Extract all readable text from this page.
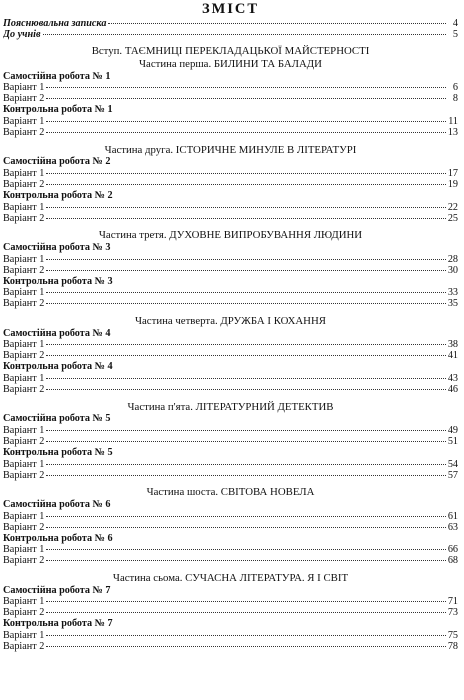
ЗМІСТ
Пояснювальна записка	4
До учнів	5
Вступ. ТАЄМНИЦІ ПЕРЕКЛАДАЦЬКОЇ МАЙСТЕРНОСТІ
Частина перша. БИЛИНИ ТА БАЛАДИ
Самостійна робота № 1
Варіант 1	6
Варіант 2	8
Контрольна робота № 1
Варіант 1	11
Варіант 2	13
Частина друга. ІСТОРИЧНЕ МИНУЛЕ В ЛІТЕРАТУРІ
Самостійна робота № 2
Варіант 1	17
Варіант 2	19
Контрольна робота № 2
Варіант 1	22
Варіант 2	25
Частина третя. ДУХОВНЕ ВИПРОБУВАННЯ ЛЮДИНИ
Самостійна робота № 3
Варіант 1	28
Варіант 2	30
Контрольна робота № 3
Варіант 1	33
Варіант 2	35
Частина четверта. ДРУЖБА І КОХАННЯ
Самостійна робота № 4
Варіант 1	38
Варіант 2	41
Контрольна робота № 4
Варіант 1	43
Варіант 2	46
Частина п'ята. ЛІТЕРАТУРНИЙ ДЕТЕКТИВ
Самостійна робота № 5
Варіант 1	49
Варіант 2	51
Контрольна робота № 5
Варіант 1	54
Варіант 2	57
Частина шоста. СВІТОВА НОВЕЛА
Самостійна робота № 6
Варіант 1	61
Варіант 2	63
Контрольна робота № 6
Варіант 1	66
Варіант 2	68
Частина сьома. СУЧАСНА ЛІТЕРАТУРА. Я І СВІТ
Самостійна робота № 7
Варіант 1	71
Варіант 2	73
Контрольна робота № 7
Варіант 1	75
Варіант 2	78
